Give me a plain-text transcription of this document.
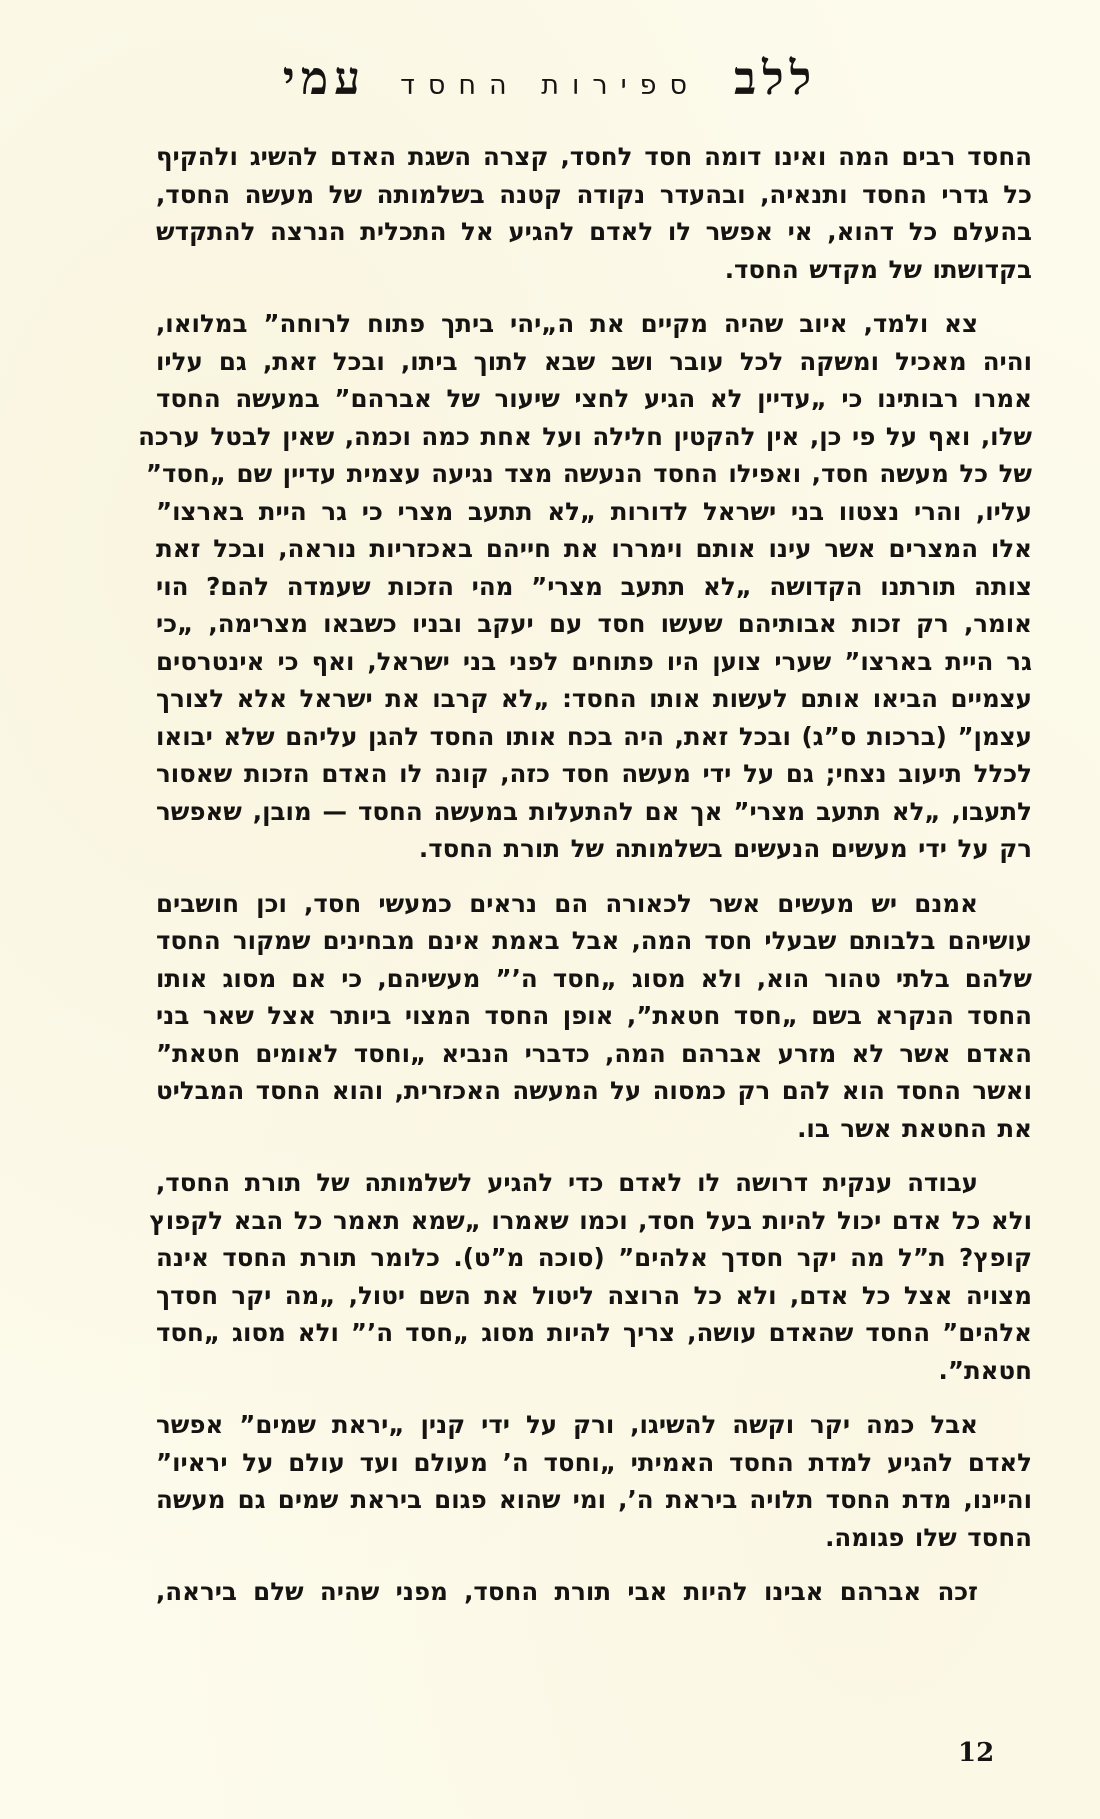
ללב
ספירות החסד
עמי
החסד רבים המה ואינו דומה חסד לחסד, קצרה השגת האדם להשיג ולהקיף
כל גדרי החסד ותנאיה, ובהעדר נקודה קטנה בשלמותה של מעשה החסד,
בהעלם כל דהוא, אי אפשר לו לאדם להגיע אל התכלית הנרצה להתקדש
בקדושתו של מקדש החסד.
צא ולמד, איוב שהיה מקיים את ה„יהי ביתך פתוח לרוחה” במלואו,
והיה מאכיל ומשקה לכל עובר ושב שבא לתוך ביתו, ובכל זאת, גם עליו
אמרו רבותינו כי „עדיין לא הגיע לחצי שיעור של אברהם” במעשה החסד
שלו, ואף על פי כן, אין להקטין חלילה ועל אחת כמה וכמה, שאין לבטל ערכה
של כל מעשה חסד, ואפילו החסד הנעשה מצד נגיעה עצמית עדיין שם „חסד”
עליו, והרי נצטוו בני ישראל לדורות „לא תתעב מצרי כי גר היית בארצו”
אלו המצרים אשר עינו אותם וימררו את חייהם באכזריות נוראה, ובכל זאת
צותה תורתנו הקדושה „לא תתעב מצרי” מהי הזכות שעמדה להם? הוי
אומר, רק זכות אבותיהם שעשו חסד עם יעקב ובניו כשבאו מצרימה, „כי
גר היית בארצו” שערי צוען היו פתוחים לפני בני ישראל, ואף כי אינטרסים
עצמיים הביאו אותם לעשות אותו החסד: „לא קרבו את ישראל אלא לצורך
עצמן” (ברכות ס”ג) ובכל זאת, היה בכח אותו החסד להגן עליהם שלא יבואו
לכלל תיעוב נצחי; גם על ידי מעשה חסד כזה, קונה לו האדם הזכות שאסור
לתעבו, „לא תתעב מצרי” אך אם להתעלות במעשה החסד — מובן, שאפשר
רק על ידי מעשים הנעשים בשלמותה של תורת החסד.
אמנם יש מעשים אשר לכאורה הם נראים כמעשי חסד, וכן חושבים
עושיהם בלבותם שבעלי חסד המה, אבל באמת אינם מבחינים שמקור החסד
שלהם בלתי טהור הוא, ולא מסוג „חסד ה’” מעשיהם, כי אם מסוג אותו
החסד הנקרא בשם „חסד חטאת”, אופן החסד המצוי ביותר אצל שאר בני
האדם אשר לא מזרע אברהם המה, כדברי הנביא „וחסד לאומים חטאת”
ואשר החסד הוא להם רק כמסוה על המעשה האכזרית, והוא החסד המבליט
את החטאת אשר בו.
עבודה ענקית דרושה לו לאדם כדי להגיע לשלמותה של תורת החסד,
ולא כל אדם יכול להיות בעל חסד, וכמו שאמרו „שמא תאמר כל הבא לקפוץ
קופץ? ת”ל מה יקר חסדך אלהים” (סוכה מ”ט). כלומר תורת החסד אינה
מצויה אצל כל אדם, ולא כל הרוצה ליטול את השם יטול, „מה יקר חסדך
אלהים” החסד שהאדם עושה, צריך להיות מסוג „חסד ה’” ולא מסוג „חסד
חטאת”.
אבל כמה יקר וקשה להשיגו, ורק על ידי קנין „יראת שמים” אפשר
לאדם להגיע למדת החסד האמיתי „וחסד ה’ מעולם ועד עולם על יראיו”
והיינו, מדת החסד תלויה ביראת ה’, ומי שהוא פגום ביראת שמים גם מעשה
החסד שלו פגומה.
זכה אברהם אבינו להיות אבי תורת החסד, מפני שהיה שלם ביראה,
12
